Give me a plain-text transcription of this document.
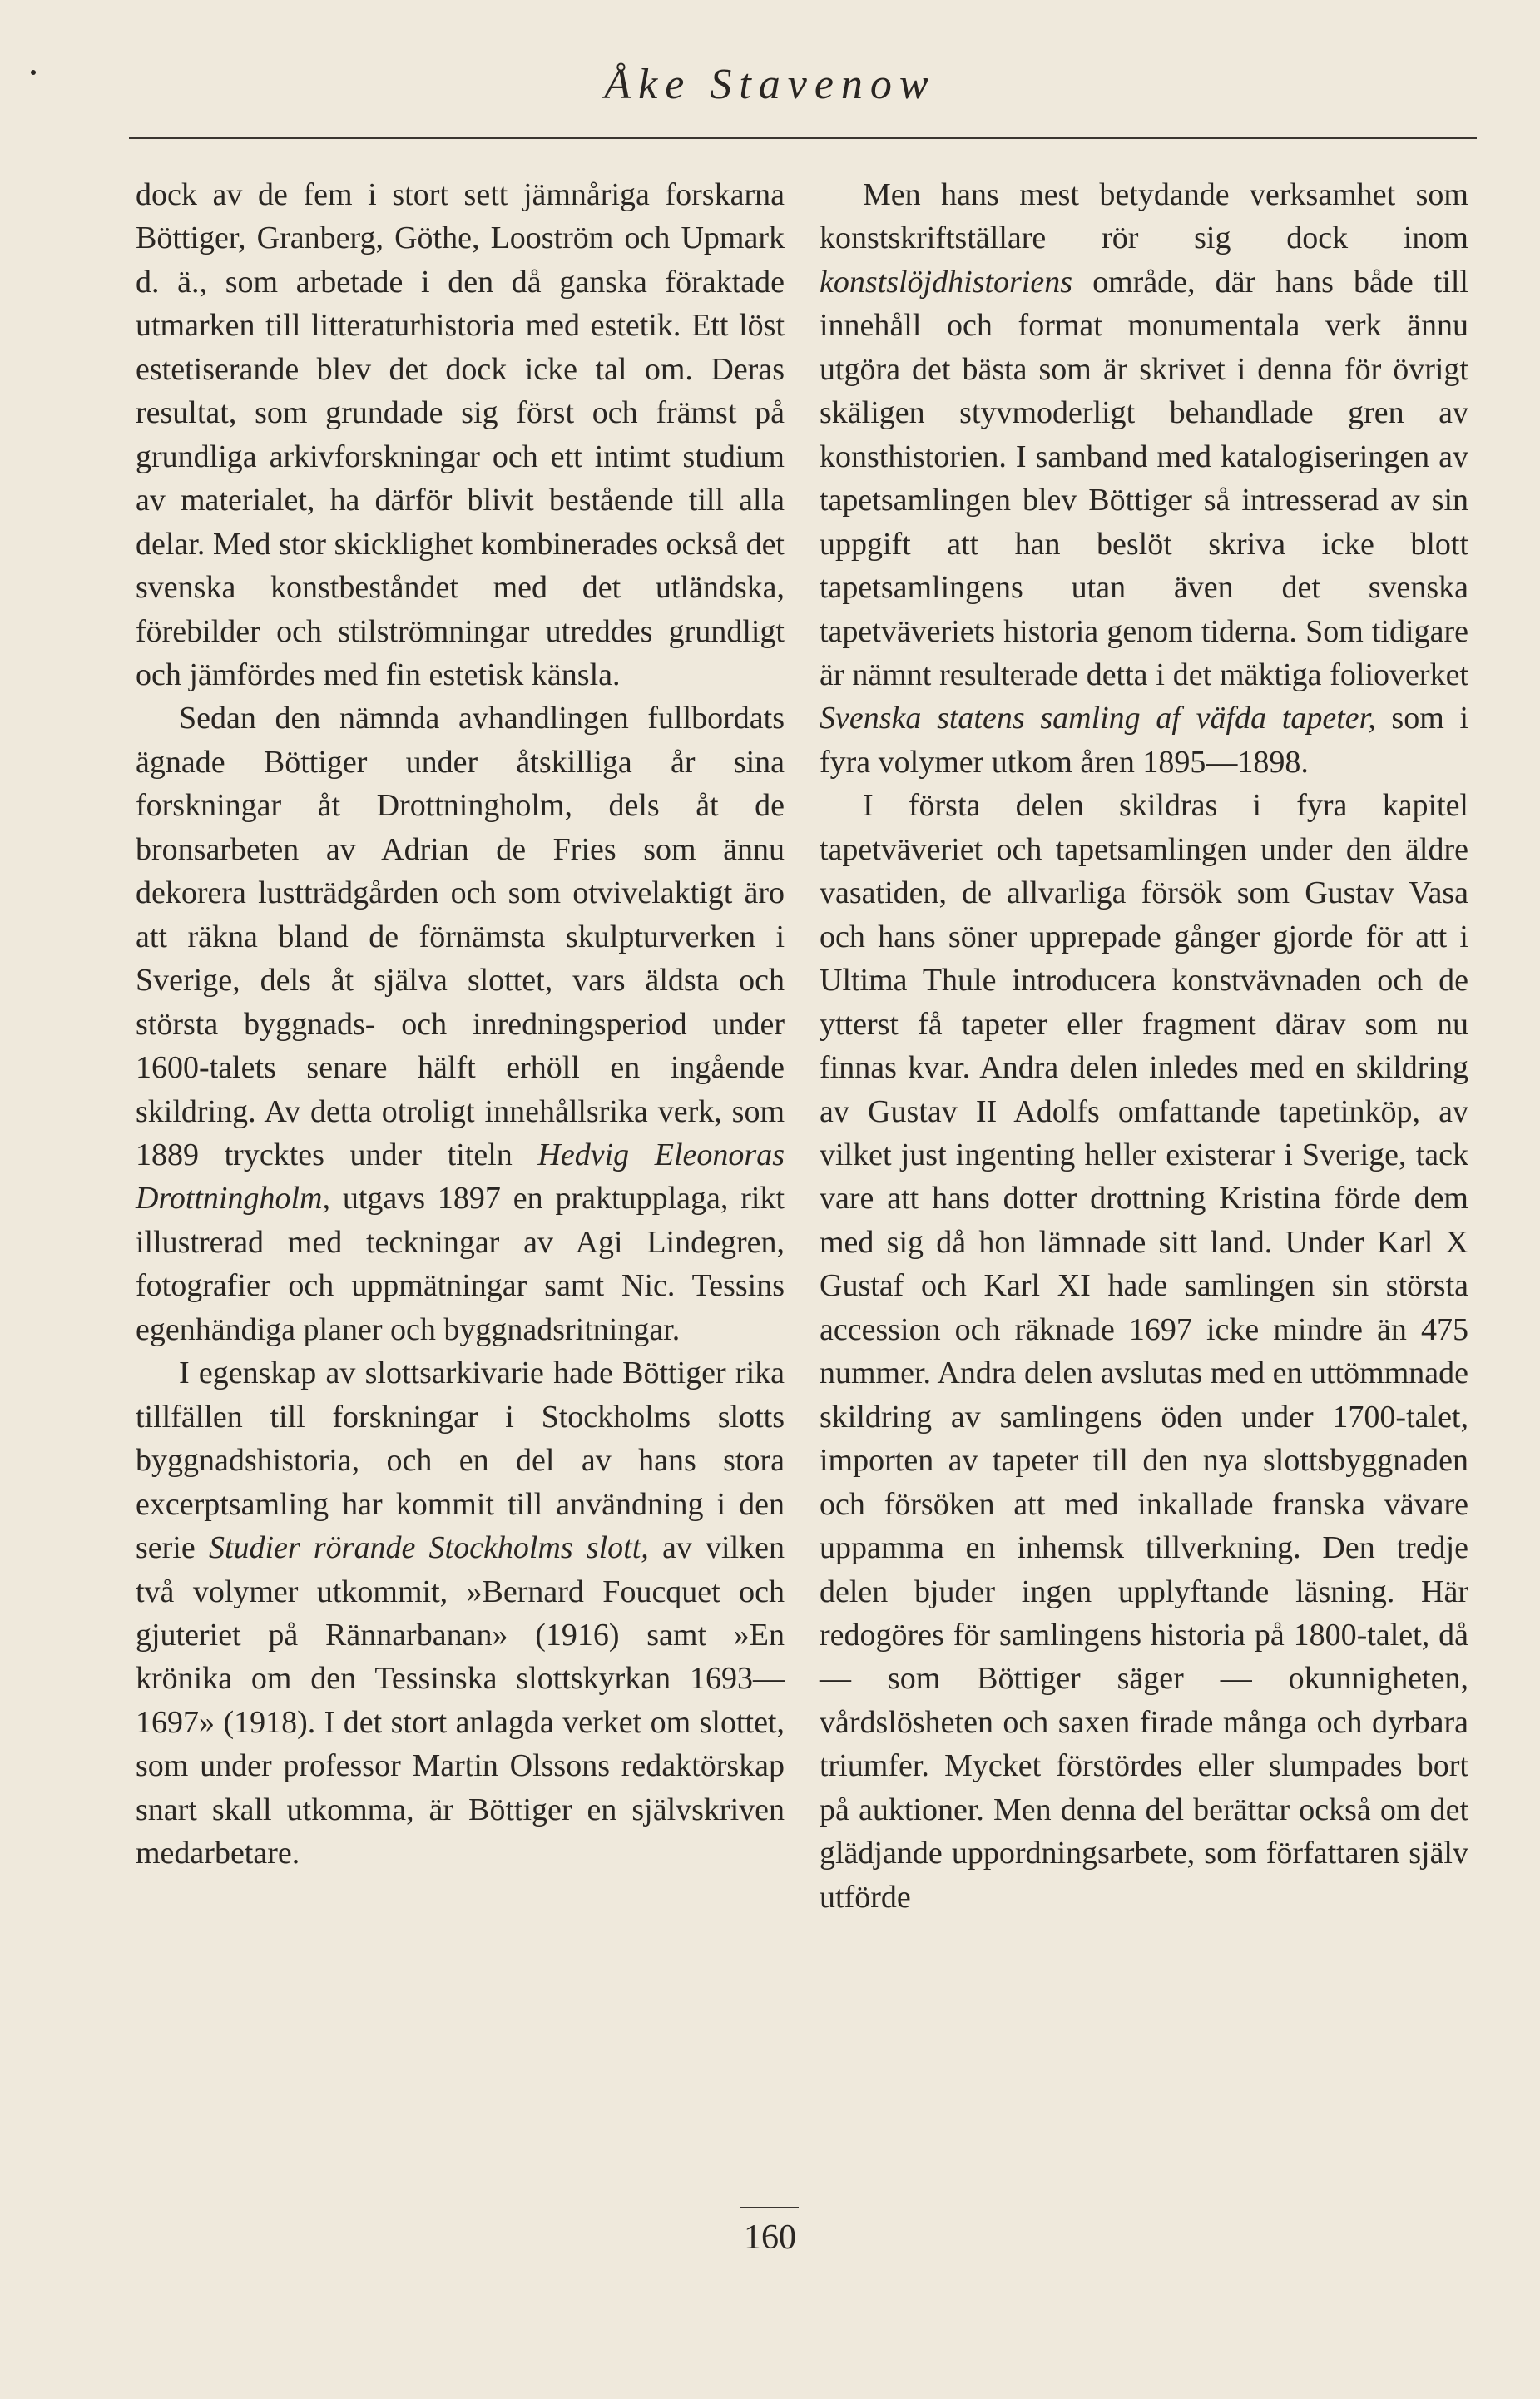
Åke Stavenow

dock av de fem i stort sett jämnåriga forskarna Böttiger, Granberg, Göthe, Looström och Upmark d. ä., som arbetade i den då ganska föraktade utmarken till litteraturhistoria med estetik. Ett löst estetiserande blev det dock icke tal om. Deras resultat, som grundade sig först och främst på grundliga arkivforskningar och ett intimt studium av materialet, ha därför blivit bestående till alla delar. Med stor skicklighet kombinerades också det svenska konstbeståndet med det utländska, förebilder och stilströmningar utreddes grundligt och jämfördes med fin estetisk känsla.

Sedan den nämnda avhandlingen fullbordats ägnade Böttiger under åtskilliga år sina forskningar åt Drottningholm, dels åt de bronsarbeten av Adrian de Fries som ännu dekorera lustträdgården och som otvivelaktigt äro att räkna bland de förnämsta skulpturverken i Sverige, dels åt själva slottet, vars äldsta och största byggnads- och inredningsperiod under 1600-talets senare hälft erhöll en ingående skildring. Av detta otroligt innehållsrika verk, som 1889 trycktes under titeln Hedvig Eleonoras Drottningholm, utgavs 1897 en praktupplaga, rikt illustrerad med teckningar av Agi Lindegren, fotografier och uppmätningar samt Nic. Tessins egenhändiga planer och byggnadsritningar.

I egenskap av slottsarkivarie hade Böttiger rika tillfällen till forskningar i Stockholms slotts byggnadshistoria, och en del av hans stora excerptsamling har kommit till användning i den serie Studier rörande Stockholms slott, av vilken två volymer utkommit, »Bernard Foucquet och gjuteriet på Rännarbanan» (1916) samt »En krönika om den Tessinska slottskyrkan 1693—1697» (1918). I det stort anlagda verket om slottet, som under professor Martin Olssons redaktörskap snart skall utkomma, är Böttiger en självskriven medarbetare.

Men hans mest betydande verksamhet som konstskriftställare rör sig dock inom konstslöjdhistoriens område, där hans både till innehåll och format monumentala verk ännu utgöra det bästa som är skrivet i denna för övrigt skäligen styvmoderligt behandlade gren av konsthistorien. I samband med katalogiseringen av tapetsamlingen blev Böttiger så intresserad av sin uppgift att han beslöt skriva icke blott tapetsamlingens utan även det svenska tapetväveriets historia genom tiderna. Som tidigare är nämnt resulterade detta i det mäktiga folioverket Svenska statens samling af väfda tapeter, som i fyra volymer utkom åren 1895—1898.

I första delen skildras i fyra kapitel tapetväveriet och tapetsamlingen under den äldre vasatiden, de allvarliga försök som Gustav Vasa och hans söner upprepade gånger gjorde för att i Ultima Thule introducera konstvävnaden och de ytterst få tapeter eller fragment därav som nu finnas kvar. Andra delen inledes med en skildring av Gustav II Adolfs omfattande tapetinköp, av vilket just ingenting heller existerar i Sverige, tack vare att hans dotter drottning Kristina förde dem med sig då hon lämnade sitt land. Under Karl X Gustaf och Karl XI hade samlingen sin största accession och räknade 1697 icke mindre än 475 nummer. Andra delen avslutas med en uttömmnade skildring av samlingens öden under 1700-talet, importen av tapeter till den nya slottsbyggnaden och försöken att med inkallade franska vävare uppamma en inhemsk tillverkning. Den tredje delen bjuder ingen upplyftande läsning. Här redogöres för samlingens historia på 1800-talet, då — som Böttiger säger — okunnigheten, vårdslösheten och saxen firade många och dyrbara triumfer. Mycket förstördes eller slumpades bort på auktioner. Men denna del berättar också om det glädjande uppordningsarbete, som författaren själv utförde

160
